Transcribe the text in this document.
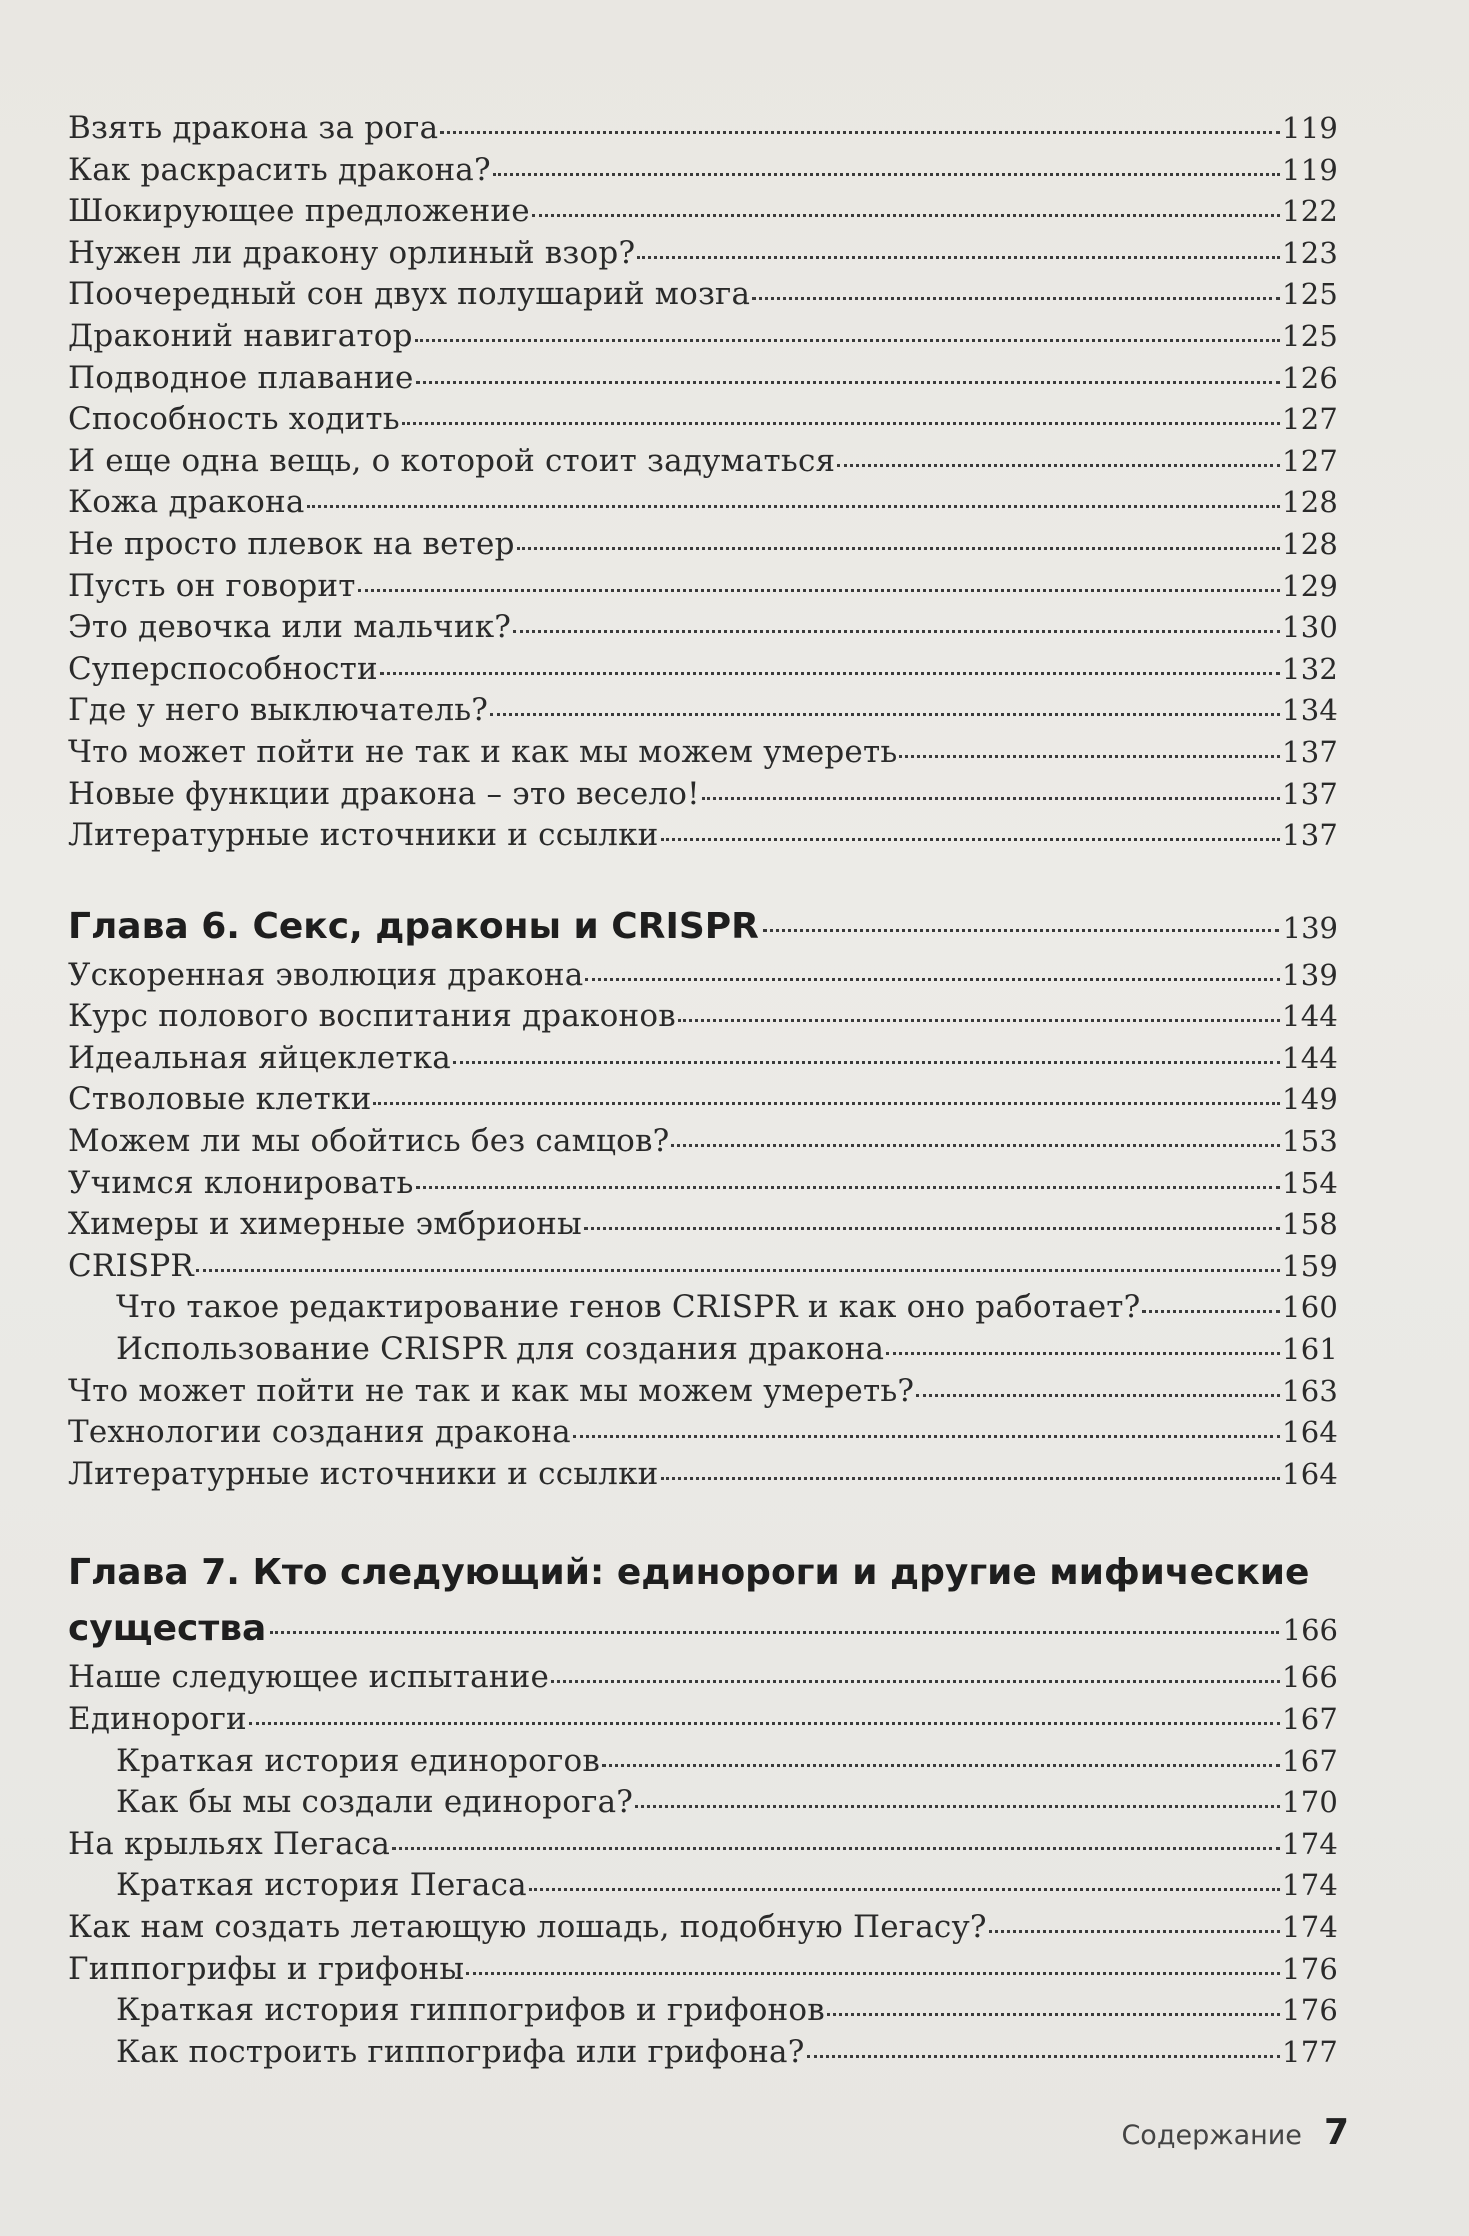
Взять дракона за рога	119
Как раскрасить дракона?	119
Шокирующее предложение	122
Нужен ли дракону орлиный взор?	123
Поочередный сон двух полушарий мозга	125
Драконий навигатор	125
Подводное плавание	126
Способность ходить	127
И еще одна вещь, о которой стоит задуматься	127
Кожа дракона	128
Не просто плевок на ветер	128
Пусть он говорит	129
Это девочка или мальчик?	130
Суперспособности	132
Где у него выключатель?	134
Что может пойти не так и как мы можем умереть	137
Новые функции дракона – это весело!	137
Литературные источники и ссылки	137
Глава 6. Секс, драконы и CRISPR	139
Ускоренная эволюция дракона	139
Курс полового воспитания драконов	144
Идеальная яйцеклетка	144
Стволовые клетки	149
Можем ли мы обойтись без самцов?	153
Учимся клонировать	154
Химеры и химерные эмбрионы	158
CRISPR	159
Что такое редактирование генов CRISPR и как оно работает?	160
Использование CRISPR для создания дракона	161
Что может пойти не так и как мы можем умереть?	163
Технологии создания дракона	164
Литературные источники и ссылки	164
Глава 7. Кто следующий: единороги и другие мифические
существа	166
Наше следующее испытание	166
Единороги	167
Краткая история единорогов	167
Как бы мы создали единорога?	170
На крыльях Пегаса	174
Краткая история Пегаса	174
Как нам создать летающую лошадь, подобную Пегасу?	174
Гиппогрифы и грифоны	176
Краткая история гиппогрифов и грифонов	176
Как построить гиппогрифа или грифона?	177
Содержание 7
